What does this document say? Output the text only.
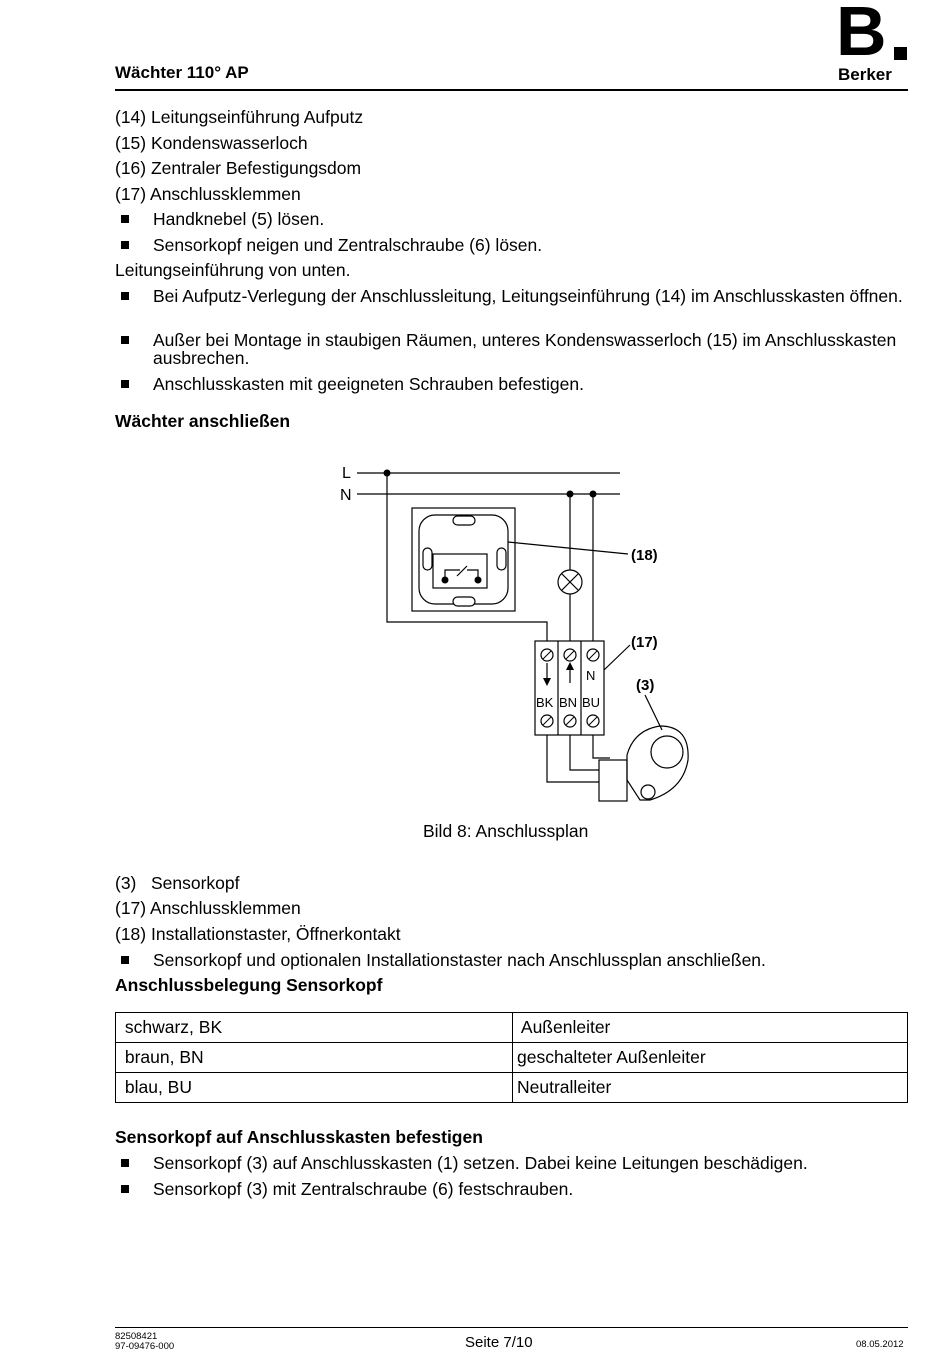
Wächter 110° AP
B
Berker
(14) Leitungseinführung Aufputz
(15) Kondenswasserloch
(16) Zentraler Befestigungsdom
(17) Anschlussklemmen
Handknebel (5) lösen.
Sensorkopf neigen und Zentralschraube (6) lösen.
Leitungseinführung von unten.
Bei Aufputz-Verlegung der Anschlussleitung, Leitungseinführung (14) im Anschlusskasten öffnen.
Außer bei Montage in staubigen Räumen, unteres Kondenswasserloch (15) im Anschlusskasten ausbrechen.
Anschlusskasten mit geeigneten Schrauben befestigen.
Wächter anschließen
L
N
(18)
(17)
(3)
N
BK BN BU
Bild 8: Anschlussplan
(3)   Sensorkopf
(17) Anschlussklemmen
(18) Installationstaster, Öffnerkontakt
Sensorkopf und optionalen Installationstaster nach Anschlussplan anschließen.
Anschlussbelegung Sensorkopf
schwarz, BK	Außenleiter
braun, BN	geschalteter Außenleiter
blau, BU	Neutralleiter
Sensorkopf auf Anschlusskasten befestigen
Sensorkopf (3) auf Anschlusskasten (1) setzen. Dabei keine Leitungen beschädigen.
Sensorkopf (3) mit Zentralschraube (6) festschrauben.
82508421
97-09476-000	Seite 7/10	08.05.2012
